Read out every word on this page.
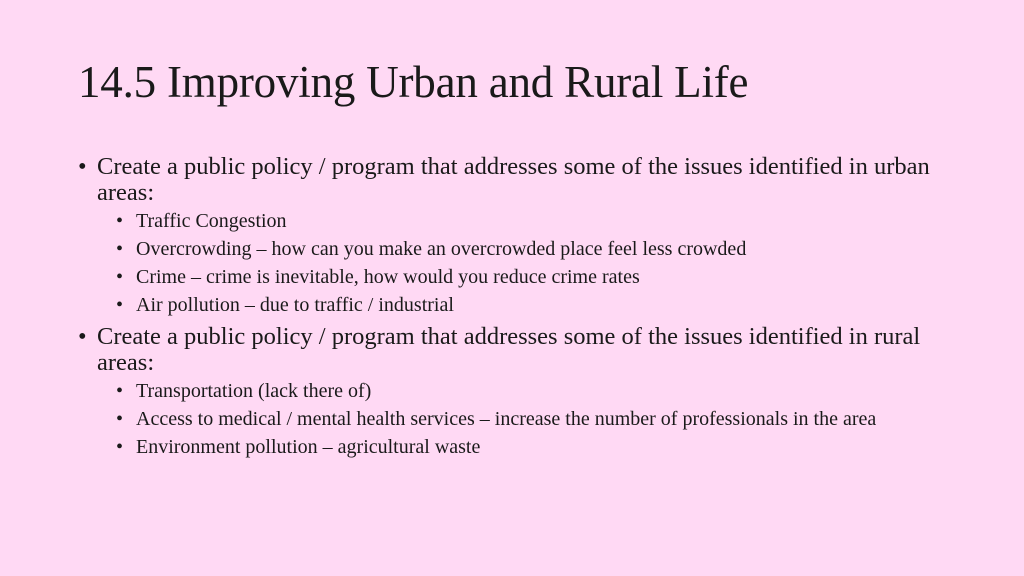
14.5 Improving Urban and Rural Life

• Create a public policy / program that addresses some of the issues identified in urban areas:

• Traffic Congestion
• Overcrowding – how can you make an overcrowded place feel less crowded
• Crime – crime is inevitable, how would you reduce crime rates
• Air pollution – due to traffic / industrial

• Create a public policy / program that addresses some of the issues identified in rural areas:

• Transportation (lack there of)
• Access to medical / mental health services – increase the number of professionals in the area
• Environment pollution – agricultural waste
